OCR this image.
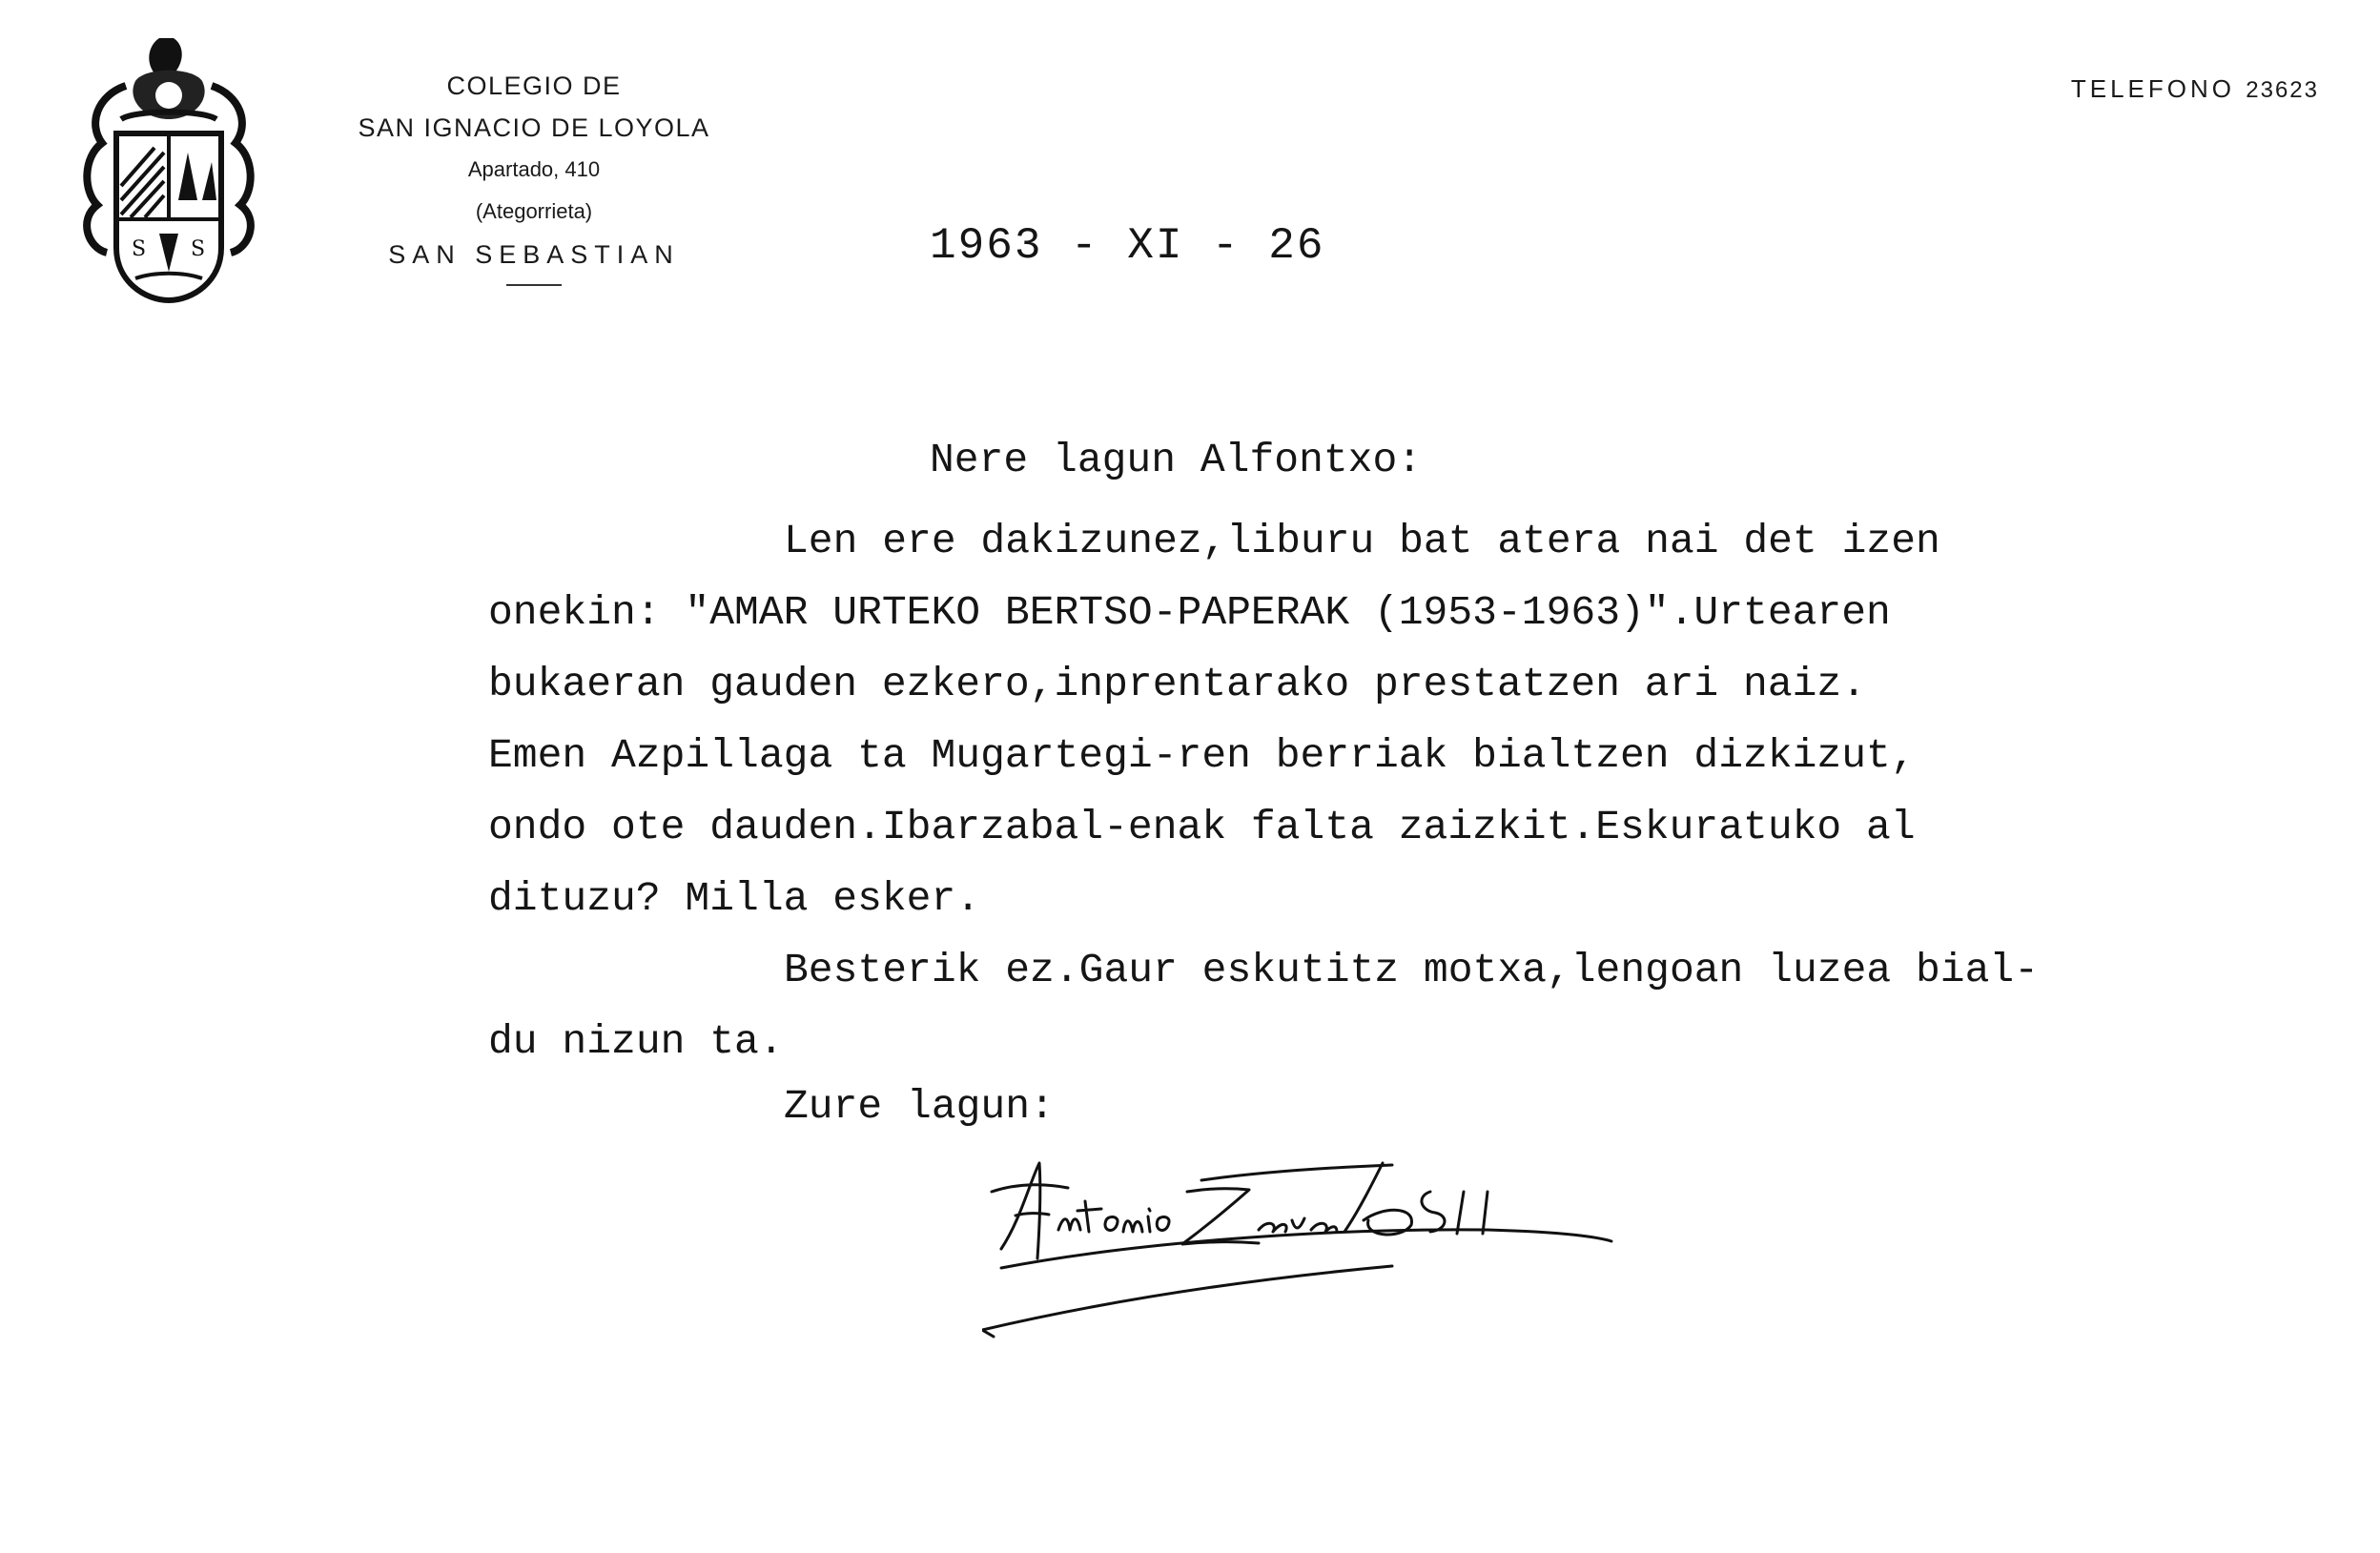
S S
COLEGIO DE
SAN IGNACIO DE LOYOLA
Apartado, 410
(Ategorrieta)
SAN SEBASTIAN
TELEFONO 23623
1963 - XI - 26
Nere lagun Alfontxo:

Len ere dakizunez,liburu bat atera nai det izen

onekin: "AMAR URTEKO BERTSO-PAPERAK (1953-1963)".Urtearen

bukaeran gauden ezkero,inprentarako prestatzen ari naiz.

Emen Azpillaga ta Mugartegi-ren berriak bialtzen dizkizut,

ondo ote dauden.Ibarzabal-enak falta zaizkit.Eskuratuko al

dituzu? Milla esker.

Besterik ez.Gaur eskutitz motxa,lengoan luzea bial-

du nizun ta.

Zure lagun:
